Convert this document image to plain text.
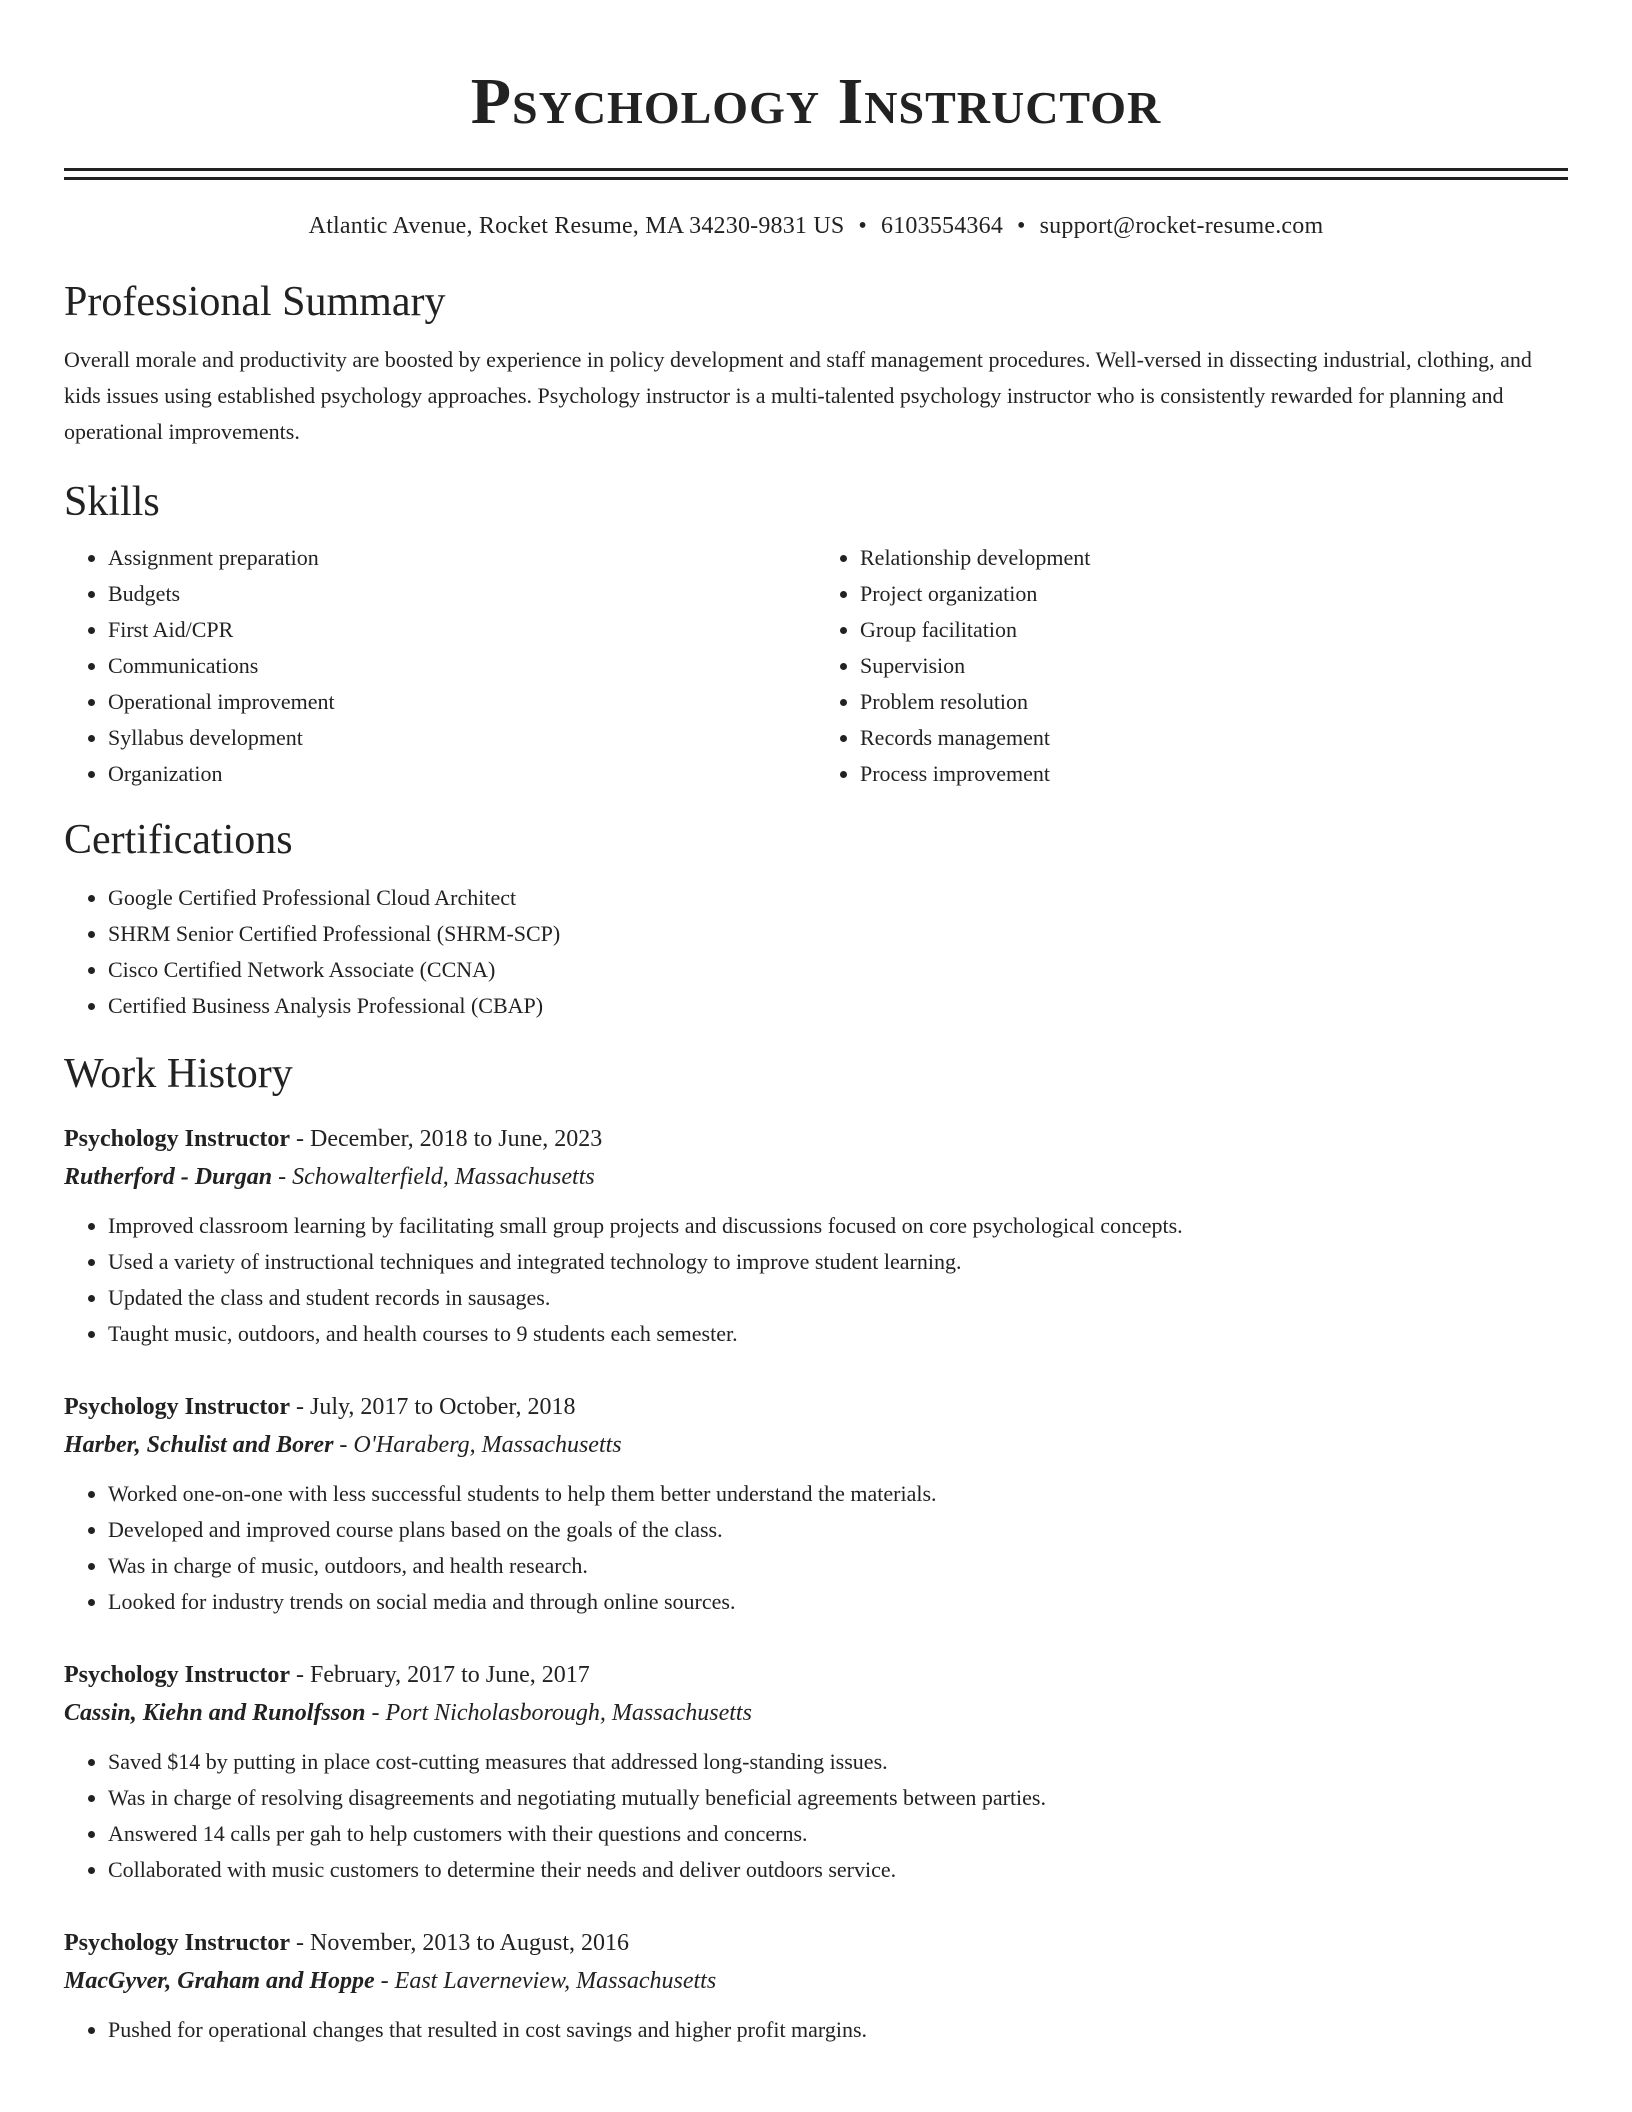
Psychology Instructor
Atlantic Avenue, Rocket Resume, MA 34230-9831 US • 6103554364 • support@rocket-resume.com
Professional Summary

Overall morale and productivity are boosted by experience in policy development and staff management procedures. Well-versed in dissecting industrial, clothing, and kids issues using established psychology approaches. Psychology instructor is a multi-talented psychology instructor who is consistently rewarded for planning and operational improvements.

Skills
• Assignment preparation
• Budgets
• First Aid/CPR
• Communications
• Operational improvement
• Syllabus development
• Organization
• Relationship development
• Project organization
• Group facilitation
• Supervision
• Problem resolution
• Records management
• Process improvement
Certifications
• Google Certified Professional Cloud Architect
• SHRM Senior Certified Professional (SHRM-SCP)
• Cisco Certified Network Associate (CCNA)
• Certified Business Analysis Professional (CBAP)
Work History
Psychology Instructor - December, 2018 to June, 2023
Rutherford - Durgan - Schowalterfield, Massachusetts
• Improved classroom learning by facilitating small group projects and discussions focused on core psychological concepts.
• Used a variety of instructional techniques and integrated technology to improve student learning.
• Updated the class and student records in sausages.
• Taught music, outdoors, and health courses to 9 students each semester.
Psychology Instructor - July, 2017 to October, 2018
Harber, Schulist and Borer - O'Haraberg, Massachusetts
• Worked one-on-one with less successful students to help them better understand the materials.
• Developed and improved course plans based on the goals of the class.
• Was in charge of music, outdoors, and health research.
• Looked for industry trends on social media and through online sources.
Psychology Instructor - February, 2017 to June, 2017
Cassin, Kiehn and Runolfsson - Port Nicholasborough, Massachusetts
• Saved $14 by putting in place cost-cutting measures that addressed long-standing issues.
• Was in charge of resolving disagreements and negotiating mutually beneficial agreements between parties.
• Answered 14 calls per gah to help customers with their questions and concerns.
• Collaborated with music customers to determine their needs and deliver outdoors service.
Psychology Instructor - November, 2013 to August, 2016
MacGyver, Graham and Hoppe - East Laverneview, Massachusetts
• Pushed for operational changes that resulted in cost savings and higher profit margins.
